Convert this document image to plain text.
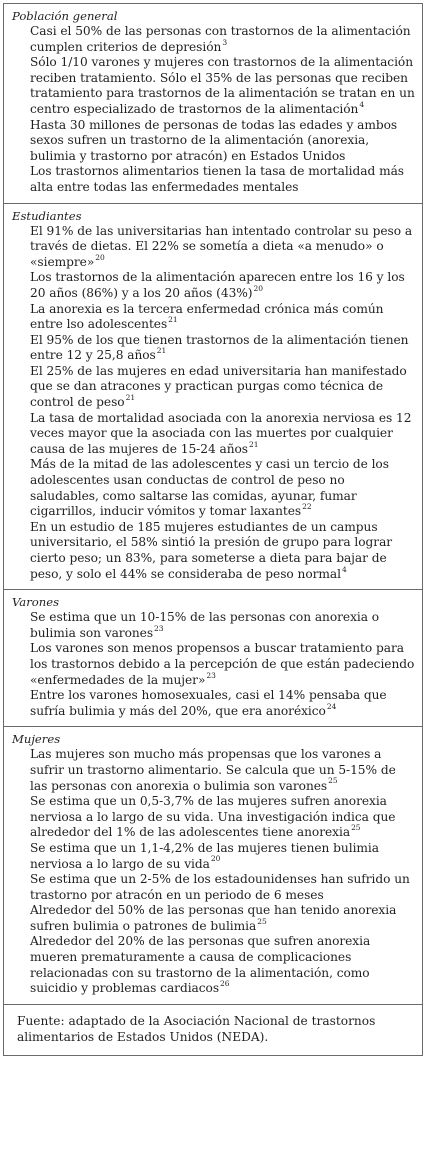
Población general
Casi el 50% de las personas con trastornos de la alimentación cumplen criterios de depresión$^3$
Sólo 1/10 varones y mujeres con trastornos de la alimentación reciben tratamiento. Sólo el 35% de las personas que reciben tratamiento para trastornos de la alimentación se tratan en un centro especializado de trastornos de la alimentación$^4$
Hasta 30 millones de personas de todas las edades y ambos sexos sufren un trastorno de la alimentación (anorexia, bulimia y trastorno por atracón) en Estados Unidos
Los trastornos alimentarios tienen la tasa de mortalidad más alta entre todas las enfermedades mentales
Estudiantes
El 91% de las universitarias han intentado controlar su peso a través de dietas. El 22% se sometía a dieta «a menudo» o «siempre»$^{20}$
Los trastornos de la alimentación aparecen entre los 16 y los 20 años (86%) y a los 20 años $(43\%)^{20}$
La anorexia es la tercera enfermedad crónica más común entre lso adolescentes$^{21}$
El 95% de los que tienen trastornos de la alimentación tienen entre 12 y 25,8 años$^{21}$
El 25% de las mujeres en edad universitaria han manifestado que se dan atracones y practican purgas como técnica de control de peso$^{21}$
La tasa de mortalidad asociada con la anorexia nerviosa es 12 veces mayor que la asociada con las muertes por cualquier causa de las mujeres de 15-24 años$^{21}$
Más de la mitad de las adolescentes y casi un tercio de los adolescentes usan conductas de control de peso no saludables, como saltarse las comidas, ayunar, fumar cigarrillos, inducir vómitos y tomar laxantes$^{22}$
En un estudio de 185 mujeres estudiantes de un campus universitario, el 58% sintió la presión de grupo para lograr cierto peso; un 83%, para someterse a dieta para bajar de peso, y solo el 44% se consideraba de peso normal$^4$
Varones
Se estima que un 10-15% de las personas con anorexia o bulimia son varones$^{23}$
Los varones son menos propensos a buscar tratamiento para los trastornos debido a la percepción de que están padeciendo «enfermedades de la mujer»$^{23}$
Entre los varones homosexuales, casi el 14% pensaba que sufría bulimia y más del 20%, que era anoréxico$^{24}$
Mujeres
Las mujeres son mucho más propensas que los varones a sufrir un trastorno alimentario. Se calcula que un 5-15% de las personas con anorexia o bulimia son varones$^{25}$
Se estima que un 0,5-3,7% de las mujeres sufren anorexia nerviosa a lo largo de su vida. Una investigación indica que alrededor del 1% de las adolescentes tiene anorexia$^{25}$
Se estima que un 1,1-4,2% de las mujeres tienen bulimia nerviosa a lo largo de su vida$^{20}$
Se estima que un 2-5% de los estadounidenses han sufrido un trastorno por atracón en un periodo de 6 meses
Alrededor del 50% de las personas que han tenido anorexia sufren bulimia o patrones de bulimia$^{25}$
Alrededor del 20% de las personas que sufren anorexia mueren prematuramente a causa de complicaciones relacionadas con su trastorno de la alimentación, como suicidio y problemas cardiacos$^{26}$
Fuente: adaptado de la Asociación Nacional de trastornos alimentarios de Estados Unidos (NEDA).
